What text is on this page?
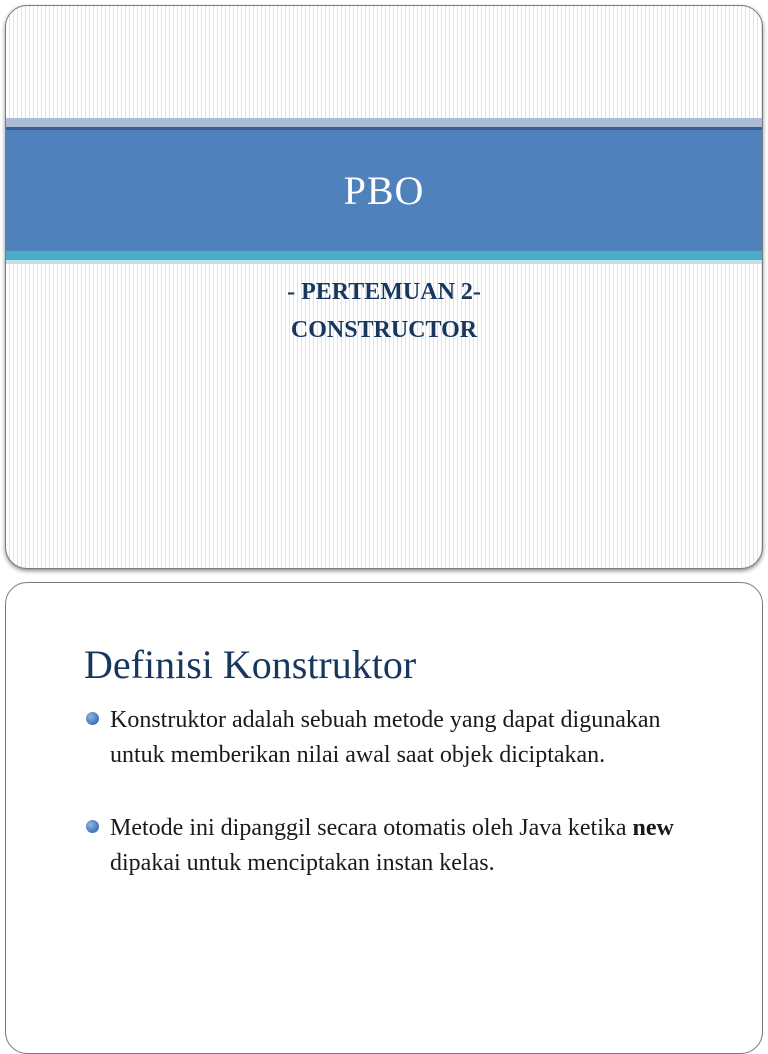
PBO
- PERTEMUAN 2-
CONSTRUCTOR
Definisi Konstruktor
Konstruktor adalah sebuah metode yang dapat digunakan untuk memberikan nilai awal saat objek diciptakan.
Metode ini dipanggil secara otomatis oleh Java ketika new dipakai untuk menciptakan instan kelas.
